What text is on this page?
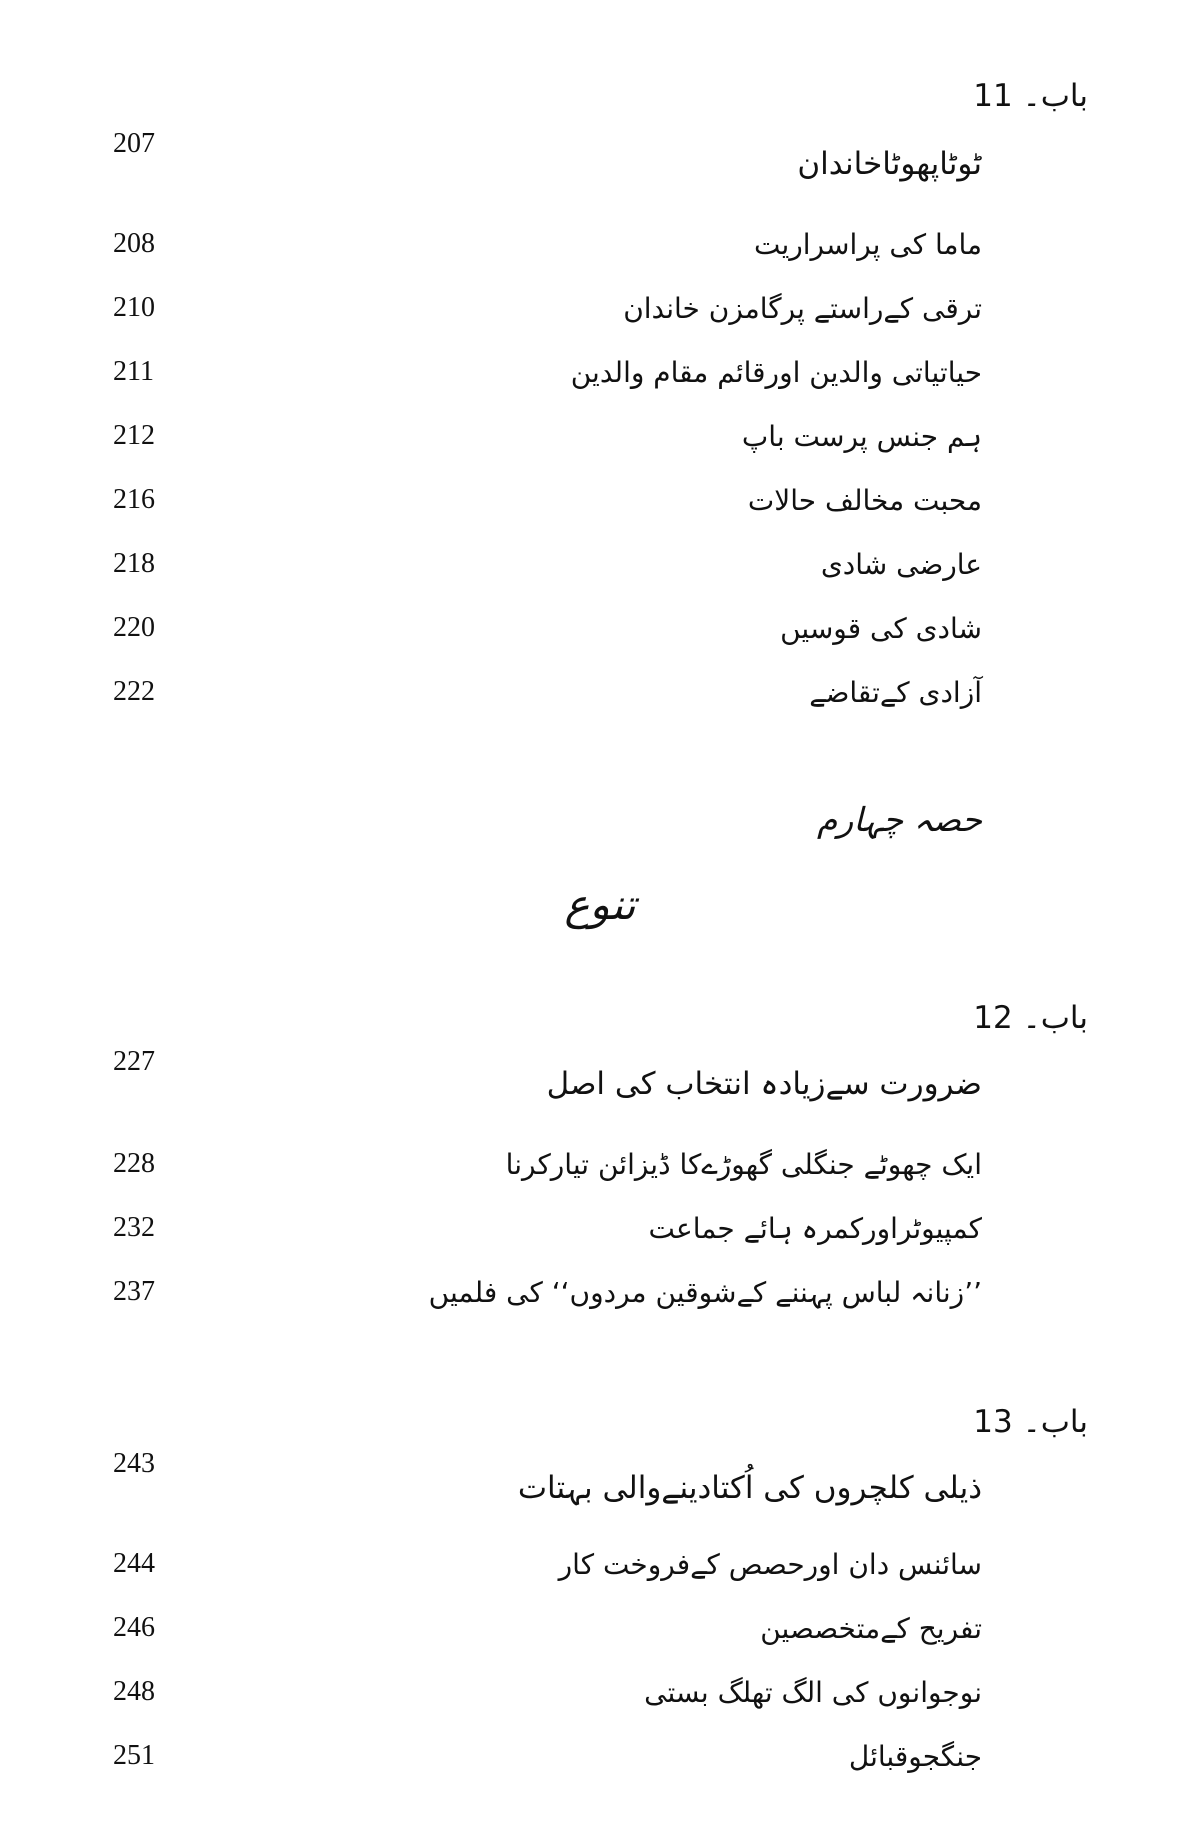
باب۔ 11
ٹوٹاپھوٹاخاندان
207
ماما کی پراسراریت
208
ترقی کےراستے پرگامزن خاندان
210
حیاتیاتی والدین اورقائم مقام والدین
211
ہم جنس پرست باپ
212
محبت مخالف حالات
216
عارضی شادی
218
شادی کی قوسیں
220
آزادی کےتقاضے
222
حصہ چہارم
تنوع
باب۔ 12
ضرورت سےزیادہ انتخاب کی اصل
227
ایک چھوٹے جنگلی گھوڑےکا ڈیزائن تیارکرنا
228
کمپیوٹراورکمرہ ہائے جماعت
232
’’زنانہ لباس پہننے کےشوقین مردوں‘‘ کی فلمیں
237
باب۔ 13
ذیلی کلچروں کی اُکتادینےوالی بہتات
243
سائنس دان اورحصص کےفروخت کار
244
تفریح کےمتخصصین
246
نوجوانوں کی الگ تھلگ بستی
248
جنگجوقبائل
251
